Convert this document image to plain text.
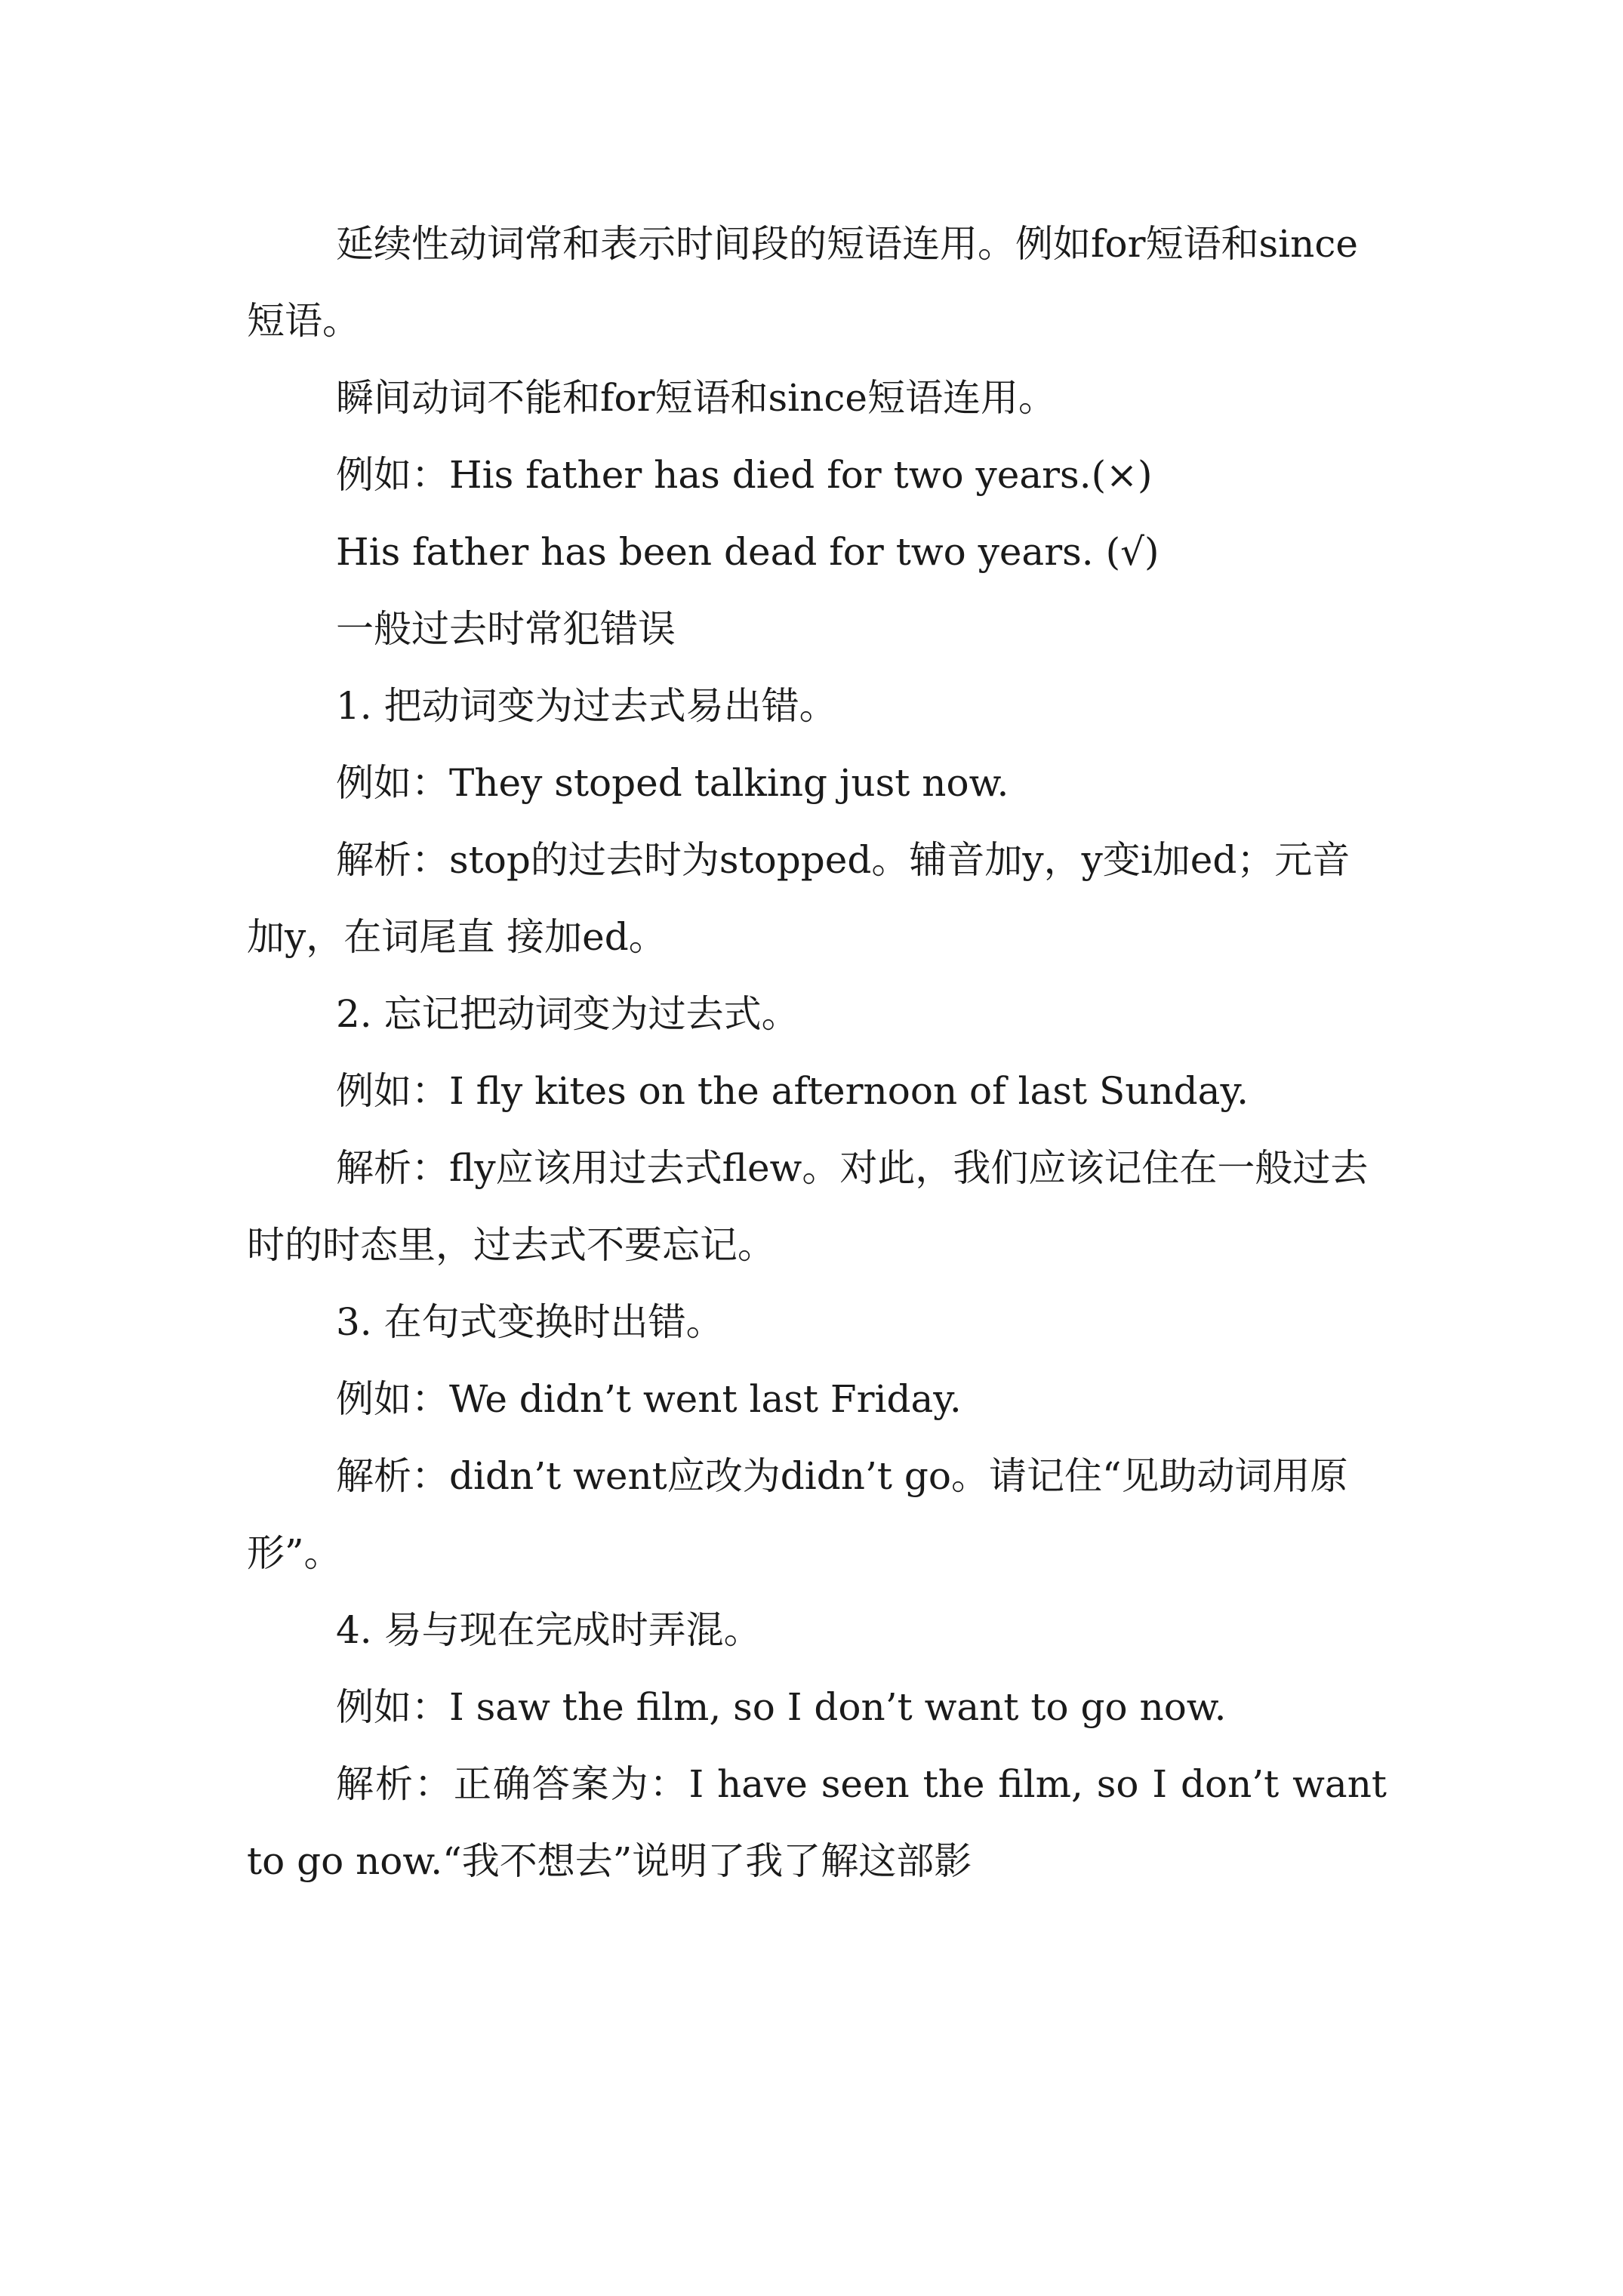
延续性动词常和表示时间段的短语连用。例如for短语和since短语。

瞬间动词不能和for短语和since短语连用。

例如：His father has died for two years.(×)

His father has been dead for two years. (√)

一般过去时常犯错误

1. 把动词变为过去式易出错。

例如：They stoped talking just now.

解析：stop的过去时为stopped。辅音加y，y变i加ed；元音加y，在词尾直 接加ed。

2. 忘记把动词变为过去式。

例如：I fly kites on the afternoon of last Sunday.

解析：fly应该用过去式flew。对此，我们应该记住在一般过去时的时态里，过去式不要忘记。

3. 在句式变换时出错。

例如：We didn’t went last Friday.

解析：didn’t went应改为didn’t go。请记住“见助动词用原形”。

4. 易与现在完成时弄混。

例如：I saw the film, so I don’t want to go now.

解析：正确答案为：I have seen the film, so I don’t want to go now.“我不想去”说明了我了解这部影
